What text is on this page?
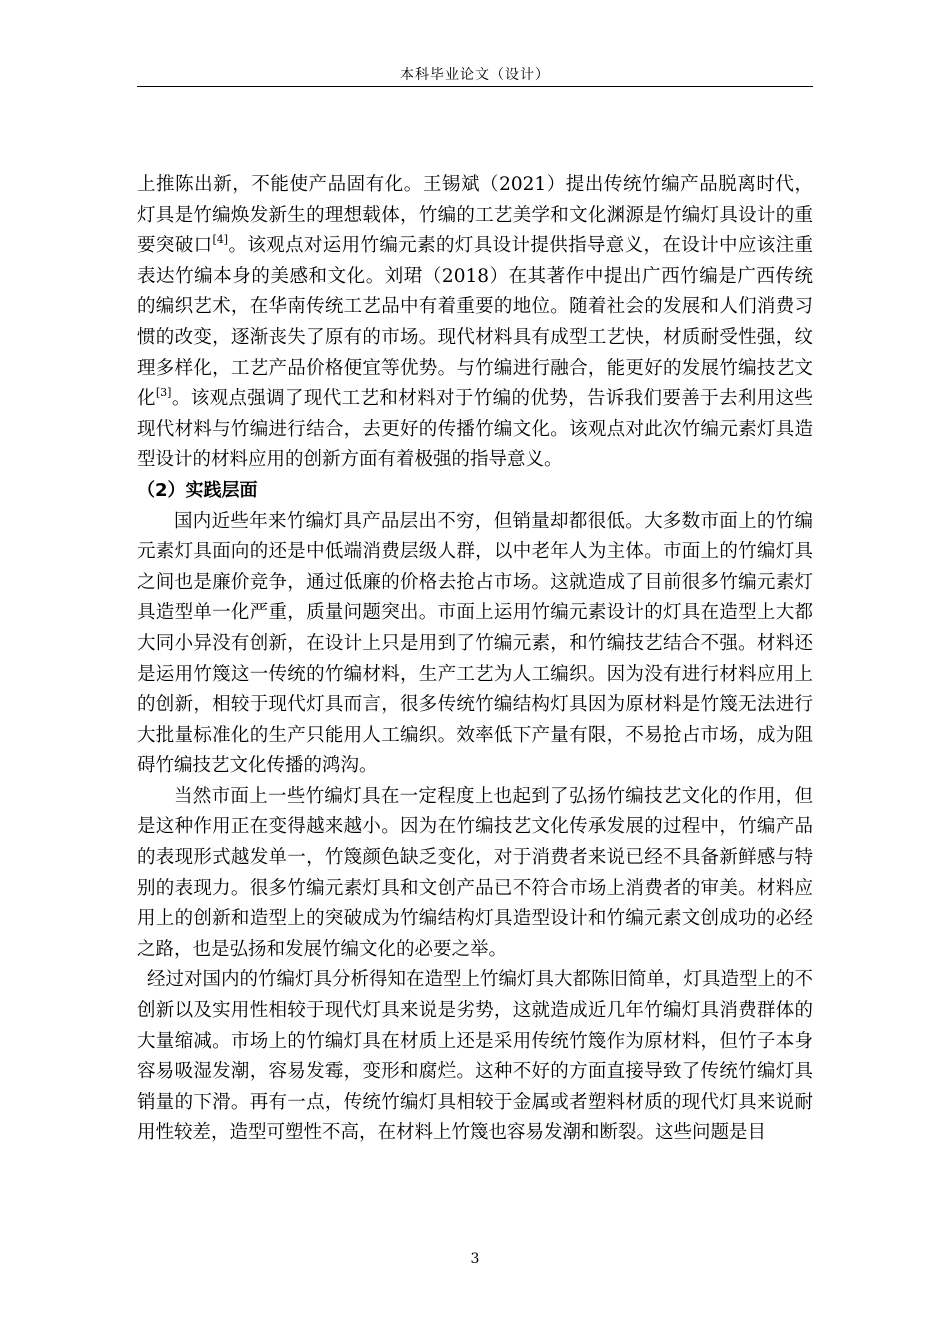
本科毕业论文（设计）

上推陈出新，不能使产品固有化。王锡斌（2021）提出传统竹编产品脱离时代，灯具是竹编焕发新生的理想载体，竹编的工艺美学和文化渊源是竹编灯具设计的重要突破口[4]。该观点对运用竹编元素的灯具设计提供指导意义，在设计中应该注重表达竹编本身的美感和文化。刘珺（2018）在其著作中提出广西竹编是广西传统的编织艺术，在华南传统工艺品中有着重要的地位。随着社会的发展和人们消费习惯的改变，逐渐丧失了原有的市场。现代材料具有成型工艺快，材质耐受性强，纹理多样化，工艺产品价格便宜等优势。与竹编进行融合，能更好的发展竹编技艺文化[3]。该观点强调了现代工艺和材料对于竹编的优势，告诉我们要善于去利用这些现代材料与竹编进行结合，去更好的传播竹编文化。该观点对此次竹编元素灯具造型设计的材料应用的创新方面有着极强的指导意义。

（2）实践层面

国内近些年来竹编灯具产品层出不穷，但销量却都很低。大多数市面上的竹编元素灯具面向的还是中低端消费层级人群，以中老年人为主体。市面上的竹编灯具之间也是廉价竞争，通过低廉的价格去抢占市场。这就造成了目前很多竹编元素灯具造型单一化严重，质量问题突出。市面上运用竹编元素设计的灯具在造型上大都大同小异没有创新，在设计上只是用到了竹编元素，和竹编技艺结合不强。材料还是运用竹篾这一传统的竹编材料，生产工艺为人工编织。因为没有进行材料应用上的创新，相较于现代灯具而言，很多传统竹编结构灯具因为原材料是竹篾无法进行大批量标准化的生产只能用人工编织。效率低下产量有限，不易抢占市场，成为阻碍竹编技艺文化传播的鸿沟。

当然市面上一些竹编灯具在一定程度上也起到了弘扬竹编技艺文化的作用，但是这种作用正在变得越来越小。因为在竹编技艺文化传承发展的过程中，竹编产品的表现形式越发单一，竹篾颜色缺乏变化，对于消费者来说已经不具备新鲜感与特别的表现力。很多竹编元素灯具和文创产品已不符合市场上消费者的审美。材料应用上的创新和造型上的突破成为竹编结构灯具造型设计和竹编元素文创成功的必经之路，也是弘扬和发展竹编文化的必要之举。

经过对国内的竹编灯具分析得知在造型上竹编灯具大都陈旧简单，灯具造型上的不创新以及实用性相较于现代灯具来说是劣势，这就造成近几年竹编灯具消费群体的大量缩减。市场上的竹编灯具在材质上还是采用传统竹篾作为原材料，但竹子本身容易吸湿发潮，容易发霉，变形和腐烂。这种不好的方面直接导致了传统竹编灯具销量的下滑。再有一点，传统竹编灯具相较于金属或者塑料材质的现代灯具来说耐用性较差，造型可塑性不高，在材料上竹篾也容易发潮和断裂。这些问题是目

3
